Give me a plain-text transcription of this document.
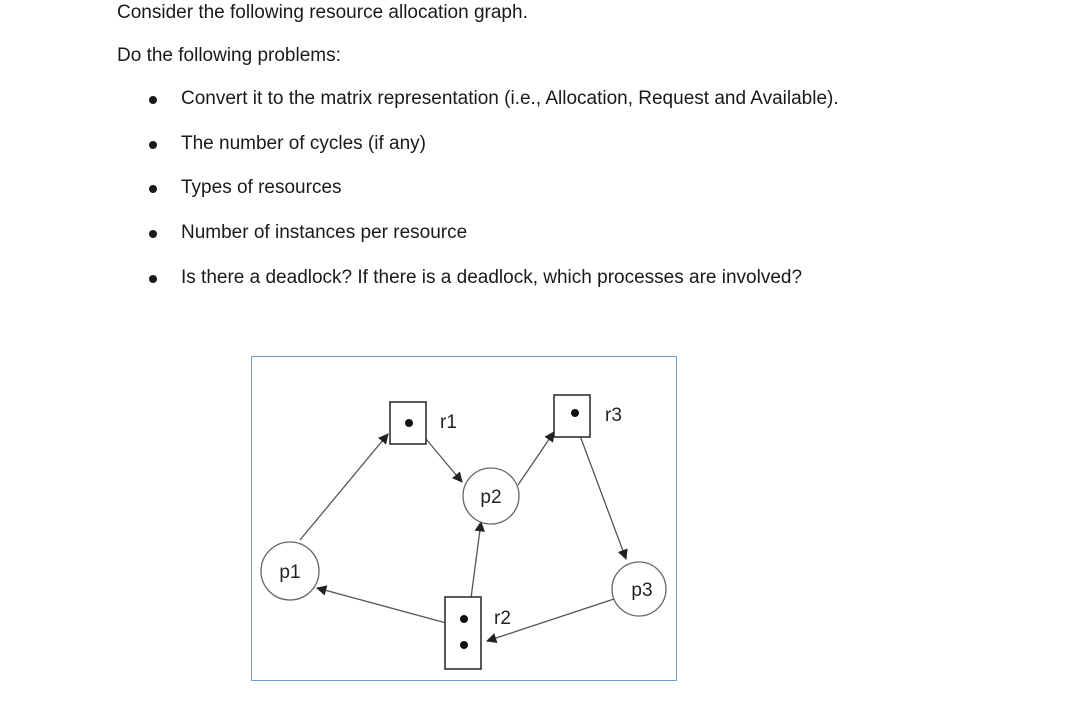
Consider the following resource allocation graph.

Do the following problems:

Convert it to the matrix representation (i.e., Allocation, Request and Available).
The number of cycles (if any)
Types of resources
Number of instances per resource
Is there a deadlock? If there is a deadlock, which processes are involved?
p1
p2
p3
r1	r3
r2
